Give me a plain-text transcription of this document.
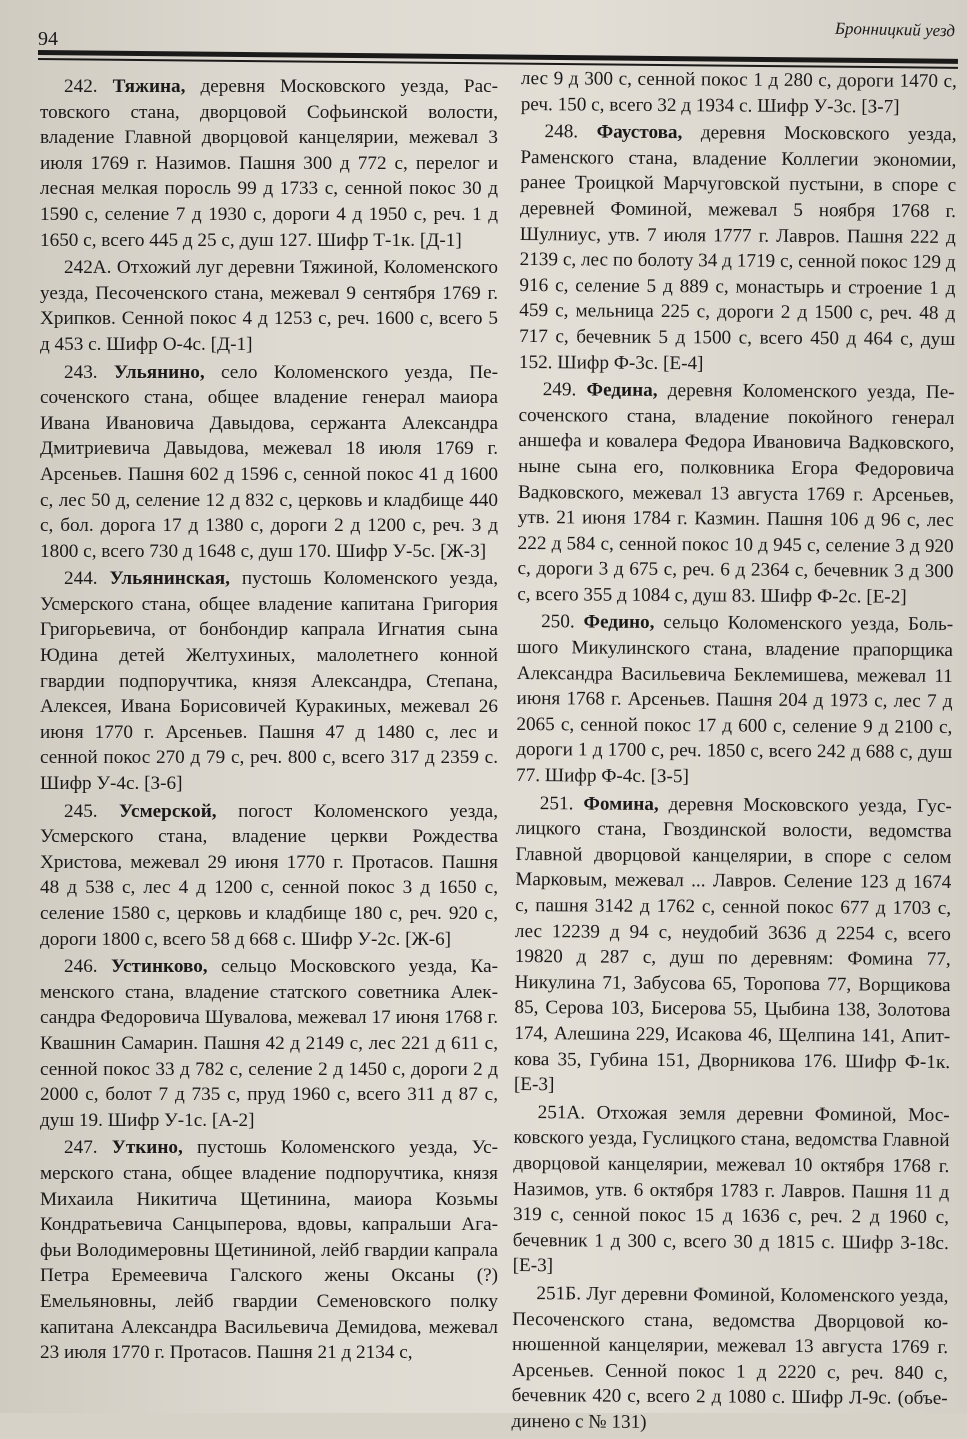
94	Бронницкий уезд

242. Тяжина, деревня Московского уезда, Растовского стана, дворцовой Софьинской волости, владение Главной дворцовой канцелярии, межевал 3 июля 1769 г. Назимов. Пашня 300 д 772 с, перелог и лесная мелкая поросль 99 д 1733 с, сенной покос 30 д 1590 с, селение 7 д 1930 с, дороги 4 д 1950 с, реч. 1 д 1650 с, всего 445 д 25 с, душ 127. Шифр Т-1к. [Д-1]

242А. Отхожий луг деревни Тяжиной, Коломенского уезда, Песоченского стана, межевал 9 сентября 1769 г. Хрипков. Сенной покос 4 д 1253 с, реч. 1600 с, всего 5 д 453 с. Шифр О-4с. [Д-1]

243. Ульянино, село Коломенского уезда, Песоченского стана, общее владение генерал маиора Ивана Ивановича Давыдова, сержанта Александра Дмитриевича Давыдова, межевал 18 июля 1769 г. Арсеньев. Пашня 602 д 1596 с, сенной покос 41 д 1600 с, лес 50 д, селение 12 д 832 с, церковь и кладбище 440 с, бол. дорога 17 д 1380 с, дороги 2 д 1200 с, реч. 3 д 1800 с, всего 730 д 1648 с, душ 170. Шифр У-5с. [Ж-3]

244. Ульянинская, пустошь Коломенского уезда, Усмерского стана, общее владение капитана Григория Григорьевича, от бонбондир капрала Игнатия сына Юдина детей Желтухиных, малолетнего конной гвардии подпоручтика, князя Александра, Степана, Алексея, Ивана Борисовичей Куракиных, межевал 26 июня 1770 г. Арсеньев. Пашня 47 д 1480 с, лес и сенной покос 270 д 79 с, реч. 800 с, всего 317 д 2359 с. Шифр У-4с. [З-6]

245. Усмерской, погост Коломенского уезда, Усмерского стана, владение церкви Рождества Христова, межевал 29 июня 1770 г. Протасов. Пашня 48 д 538 с, лес 4 д 1200 с, сенной покос 3 д 1650 с, селение 1580 с, церковь и кладбище 180 с, реч. 920 с, дороги 1800 с, всего 58 д 668 с. Шифр У-2с. [Ж-6]

246. Устинково, сельцо Московского уезда, Каменского стана, владение статского советника Александра Федоровича Шувалова, межевал 17 июня 1768 г. Квашнин Самарин. Пашня 42 д 2149 с, лес 221 д 611 с, сенной покос 33 д 782 с, селение 2 д 1450 с, дороги 2 д 2000 с, болот 7 д 735 с, пруд 1960 с, всего 311 д 87 с, душ 19. Шифр У-1с. [А-2]

247. Уткино, пустошь Коломенского уезда, Усмерского стана, общее владение подпоручтика, князя Михаила Никитича Щетинина, маиора Козьмы Кондратьевича Санцыперова, вдовы, капральши Агафьи Володимеровны Щетининой, лейб гвардии капрала Петра Еремеевича Галского жены Оксаны (?) Емельяновны, лейб гвардии Семеновского полку капитана Александра Васильевича Демидова, межевал 23 июля 1770 г. Протасов. Пашня 21 д 2134 с,

лес 9 д 300 с, сенной покос 1 д 280 с, дороги 1470 с, реч. 150 с, всего 32 д 1934 с. Шифр У-3с. [З-7]

248. Фаустова, деревня Московского уезда, Раменского стана, владение Коллегии экономии, ранее Троицкой Марчуговской пустыни, в споре с деревней Фоминой, межевал 5 ноября 1768 г. Шулниус, утв. 7 июля 1777 г. Лавров. Пашня 222 д 2139 с, лес по болоту 34 д 1719 с, сенной покос 129 д 916 с, селение 5 д 889 с, монастырь и строение 1 д 459 с, мельница 225 с, дороги 2 д 1500 с, реч. 48 д 717 с, бечевник 5 д 1500 с, всего 450 д 464 с, душ 152. Шифр Ф-3с. [Е-4]

249. Федина, деревня Коломенского уезда, Песоченского стана, владение покойного генерал аншефа и ковалера Федора Ивановича Вадковского, ныне сына его, полковника Егора Федоровича Вадковского, межевал 13 августа 1769 г. Арсеньев, утв. 21 июня 1784 г. Казмин. Пашня 106 д 96 с, лес 222 д 584 с, сенной покос 10 д 945 с, селение 3 д 920 с, дороги 3 д 675 с, реч. 6 д 2364 с, бечевник 3 д 300 с, всего 355 д 1084 с, душ 83. Шифр Ф-2с. [Е-2]

250. Федино, сельцо Коломенского уезда, Большого Микулинского стана, владение прапорщика Александра Васильевича Беклемишева, межевал 11 июня 1768 г. Арсеньев. Пашня 204 д 1973 с, лес 7 д 2065 с, сенной покос 17 д 600 с, селение 9 д 2100 с, дороги 1 д 1700 с, реч. 1850 с, всего 242 д 688 с, душ 77. Шифр Ф-4с. [З-5]

251. Фомина, деревня Московского уезда, Гуслицкого стана, Гвоздинской волости, ведомства Главной дворцовой канцелярии, в споре с селом Марковым, межевал ... Лавров. Селение 123 д 1674 с, пашня 3142 д 1762 с, сенной покос 677 д 1703 с, лес 12239 д 94 с, неудобий 3636 д 2254 с, всего 19820 д 287 с, душ по деревням: Фомина 77, Никулина 71, Забусова 65, Торопова 77, Ворщикова 85, Серова 103, Бисерова 55, Цыбина 138, Золотова 174, Алешина 229, Исакова 46, Щелпина 141, Апиткова 35, Губина 151, Дворникова 176. Шифр Ф-1к. [Е-3]

251А. Отхожая земля деревни Фоминой, Московского уезда, Гуслицкого стана, ведомства Главной дворцовой канцелярии, межевал 10 октября 1768 г. Назимов, утв. 6 октября 1783 г. Лавров. Пашня 11 д 319 с, сенной покос 15 д 1636 с, реч. 2 д 1960 с, бечевник 1 д 300 с, всего 30 д 1815 с. Шифр З-18с. [Е-3]

251Б. Луг деревни Фоминой, Коломенского уезда, Песоченского стана, ведомства Дворцовой конюшенной канцелярии, межевал 13 августа 1769 г. Арсеньев. Сенной покос 1 д 2220 с, реч. 840 с, бечевник 420 с, всего 2 д 1080 с. Шифр Л-9с. (объединено с № 131)
